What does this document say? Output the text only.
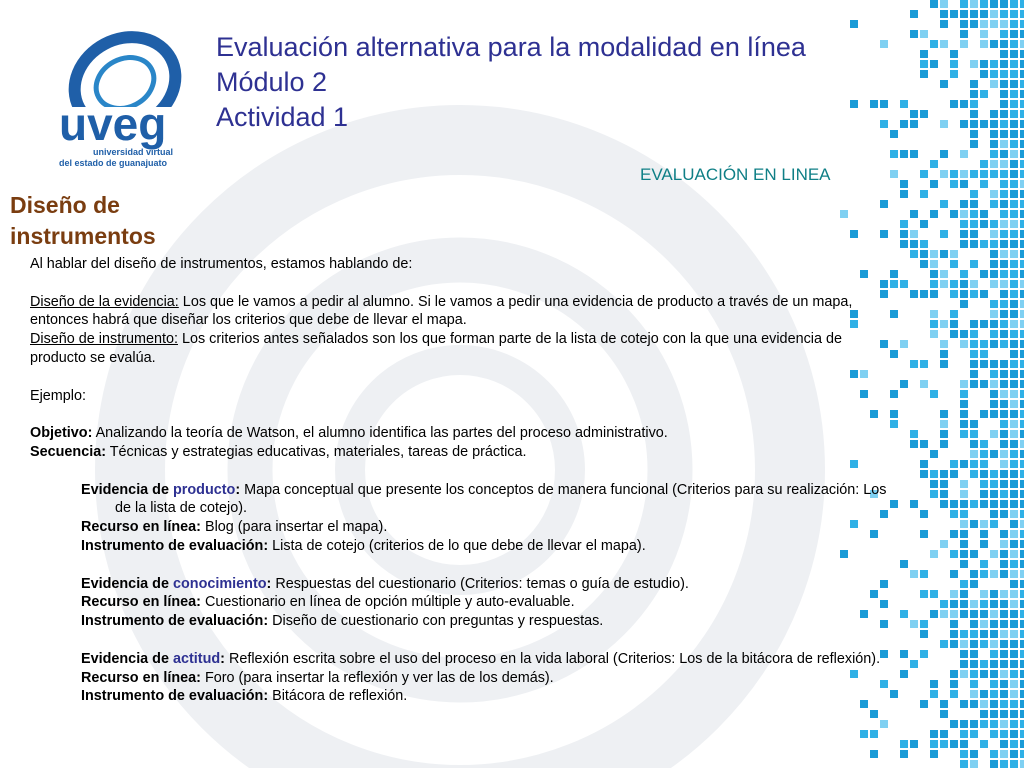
uveg
universidad virtual
del estado de guanajuato
Evaluación alternativa para la modalidad en línea
Módulo 2
Actividad 1
EVALUACIÓN EN LINEA
Diseño de instrumentos

Al hablar del diseño de instrumentos, estamos hablando de:

Diseño de la evidencia: Los que le vamos a pedir al alumno. Si le vamos a pedir una evidencia de producto a través de un mapa, entonces habrá que diseñar los criterios que debe de llevar el mapa.

Diseño de instrumento: Los criterios antes señalados son los que forman parte de la lista de cotejo con la que una evidencia de producto se evalúa.

Ejemplo:

Objetivo: Analizando la teoría de Watson, el alumno identifica las partes del proceso administrativo.

Secuencia: Técnicas y estrategias educativas, materiales, tareas de práctica.

Evidencia de producto: Mapa conceptual que presente los conceptos de manera funcional (Criterios para su realización: Los de la lista de cotejo).

Recurso en línea: Blog (para insertar el mapa).

Instrumento de evaluación: Lista de cotejo (criterios de lo que debe de llevar el mapa).

Evidencia de conocimiento: Respuestas del cuestionario (Criterios: temas o guía de estudio).

Recurso en línea: Cuestionario en línea de opción múltiple y auto-evaluable.

Instrumento de evaluación: Diseño de cuestionario con preguntas y respuestas.

Evidencia de actitud: Reflexión escrita sobre el uso del proceso en la vida laboral (Criterios: Los de la bitácora de reflexión).

Recurso en línea: Foro (para insertar la reflexión y ver las de los demás).

Instrumento de evaluación: Bitácora de reflexión.
